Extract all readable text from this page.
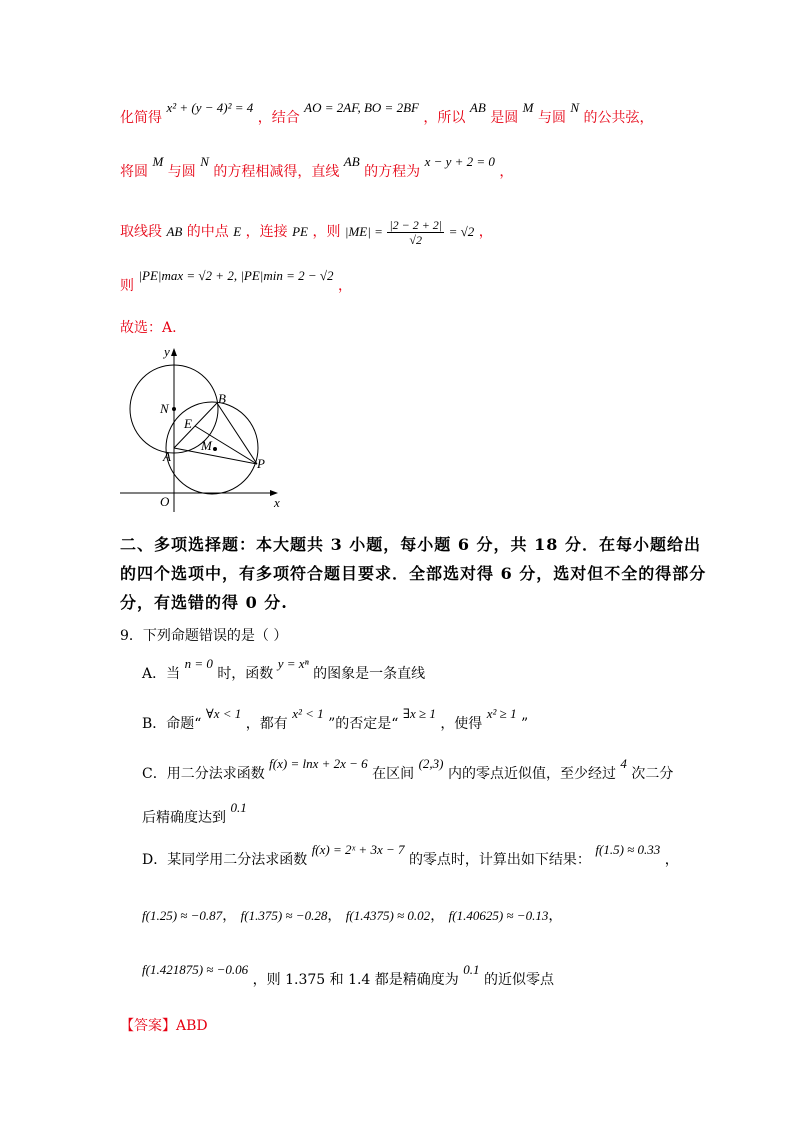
化简得 x² + (y − 4)² = 4 ，结合 AO = 2AF, BO = 2BF ，所以 AB 是圆 M 与圆 N 的公共弦，
将圆 M 与圆 N 的方程相减得，直线 AB 的方程为 x − y + 2 = 0 ，
取线段 AB 的中点 E ，连接 PE ，则 $|ME| = \frac{|2 - 2 + 2|}{√2} = √2$ ，
则 |PE|max = √2 + 2, |PE|min = 2 − √2 ，
故选：A.
y
x
O
N
B
E
M
A	P
二、多项选择题：本大题共 3 小题，每小题 6 分，共 18 分．在每小题给出
的四个选项中，有多项符合题目要求．全部选对得 6 分，选对但不全的得部分
分，有选错的得 0 分.
9．下列命题错误的是（ ）
A．当 n = 0 时，函数 y = xⁿ 的图象是一条直线
B．命题“ ∀x < 1 ，都有 x² < 1 ”的否定是“ ∃x ≥ 1 ，使得 x² ≥ 1 ”
C．用二分法求函数 f(x) = lnx + 2x − 6 在区间 (2,3) 内的零点近似值，至少经过 4 次二分
后精确度达到 0.1
D．某同学用二分法求函数 f(x) = 2ˣ + 3x − 7 的零点时，计算出如下结果： f(1.5) ≈ 0.33 ，
f(1.25) ≈ −0.87， f(1.375) ≈ −0.28， f(1.4375) ≈ 0.02， f(1.40625) ≈ −0.13，
f(1.421875) ≈ −0.06 ，则 1.375 和 1.4 都是精确度为 0.1 的近似零点
【答案】ABD
